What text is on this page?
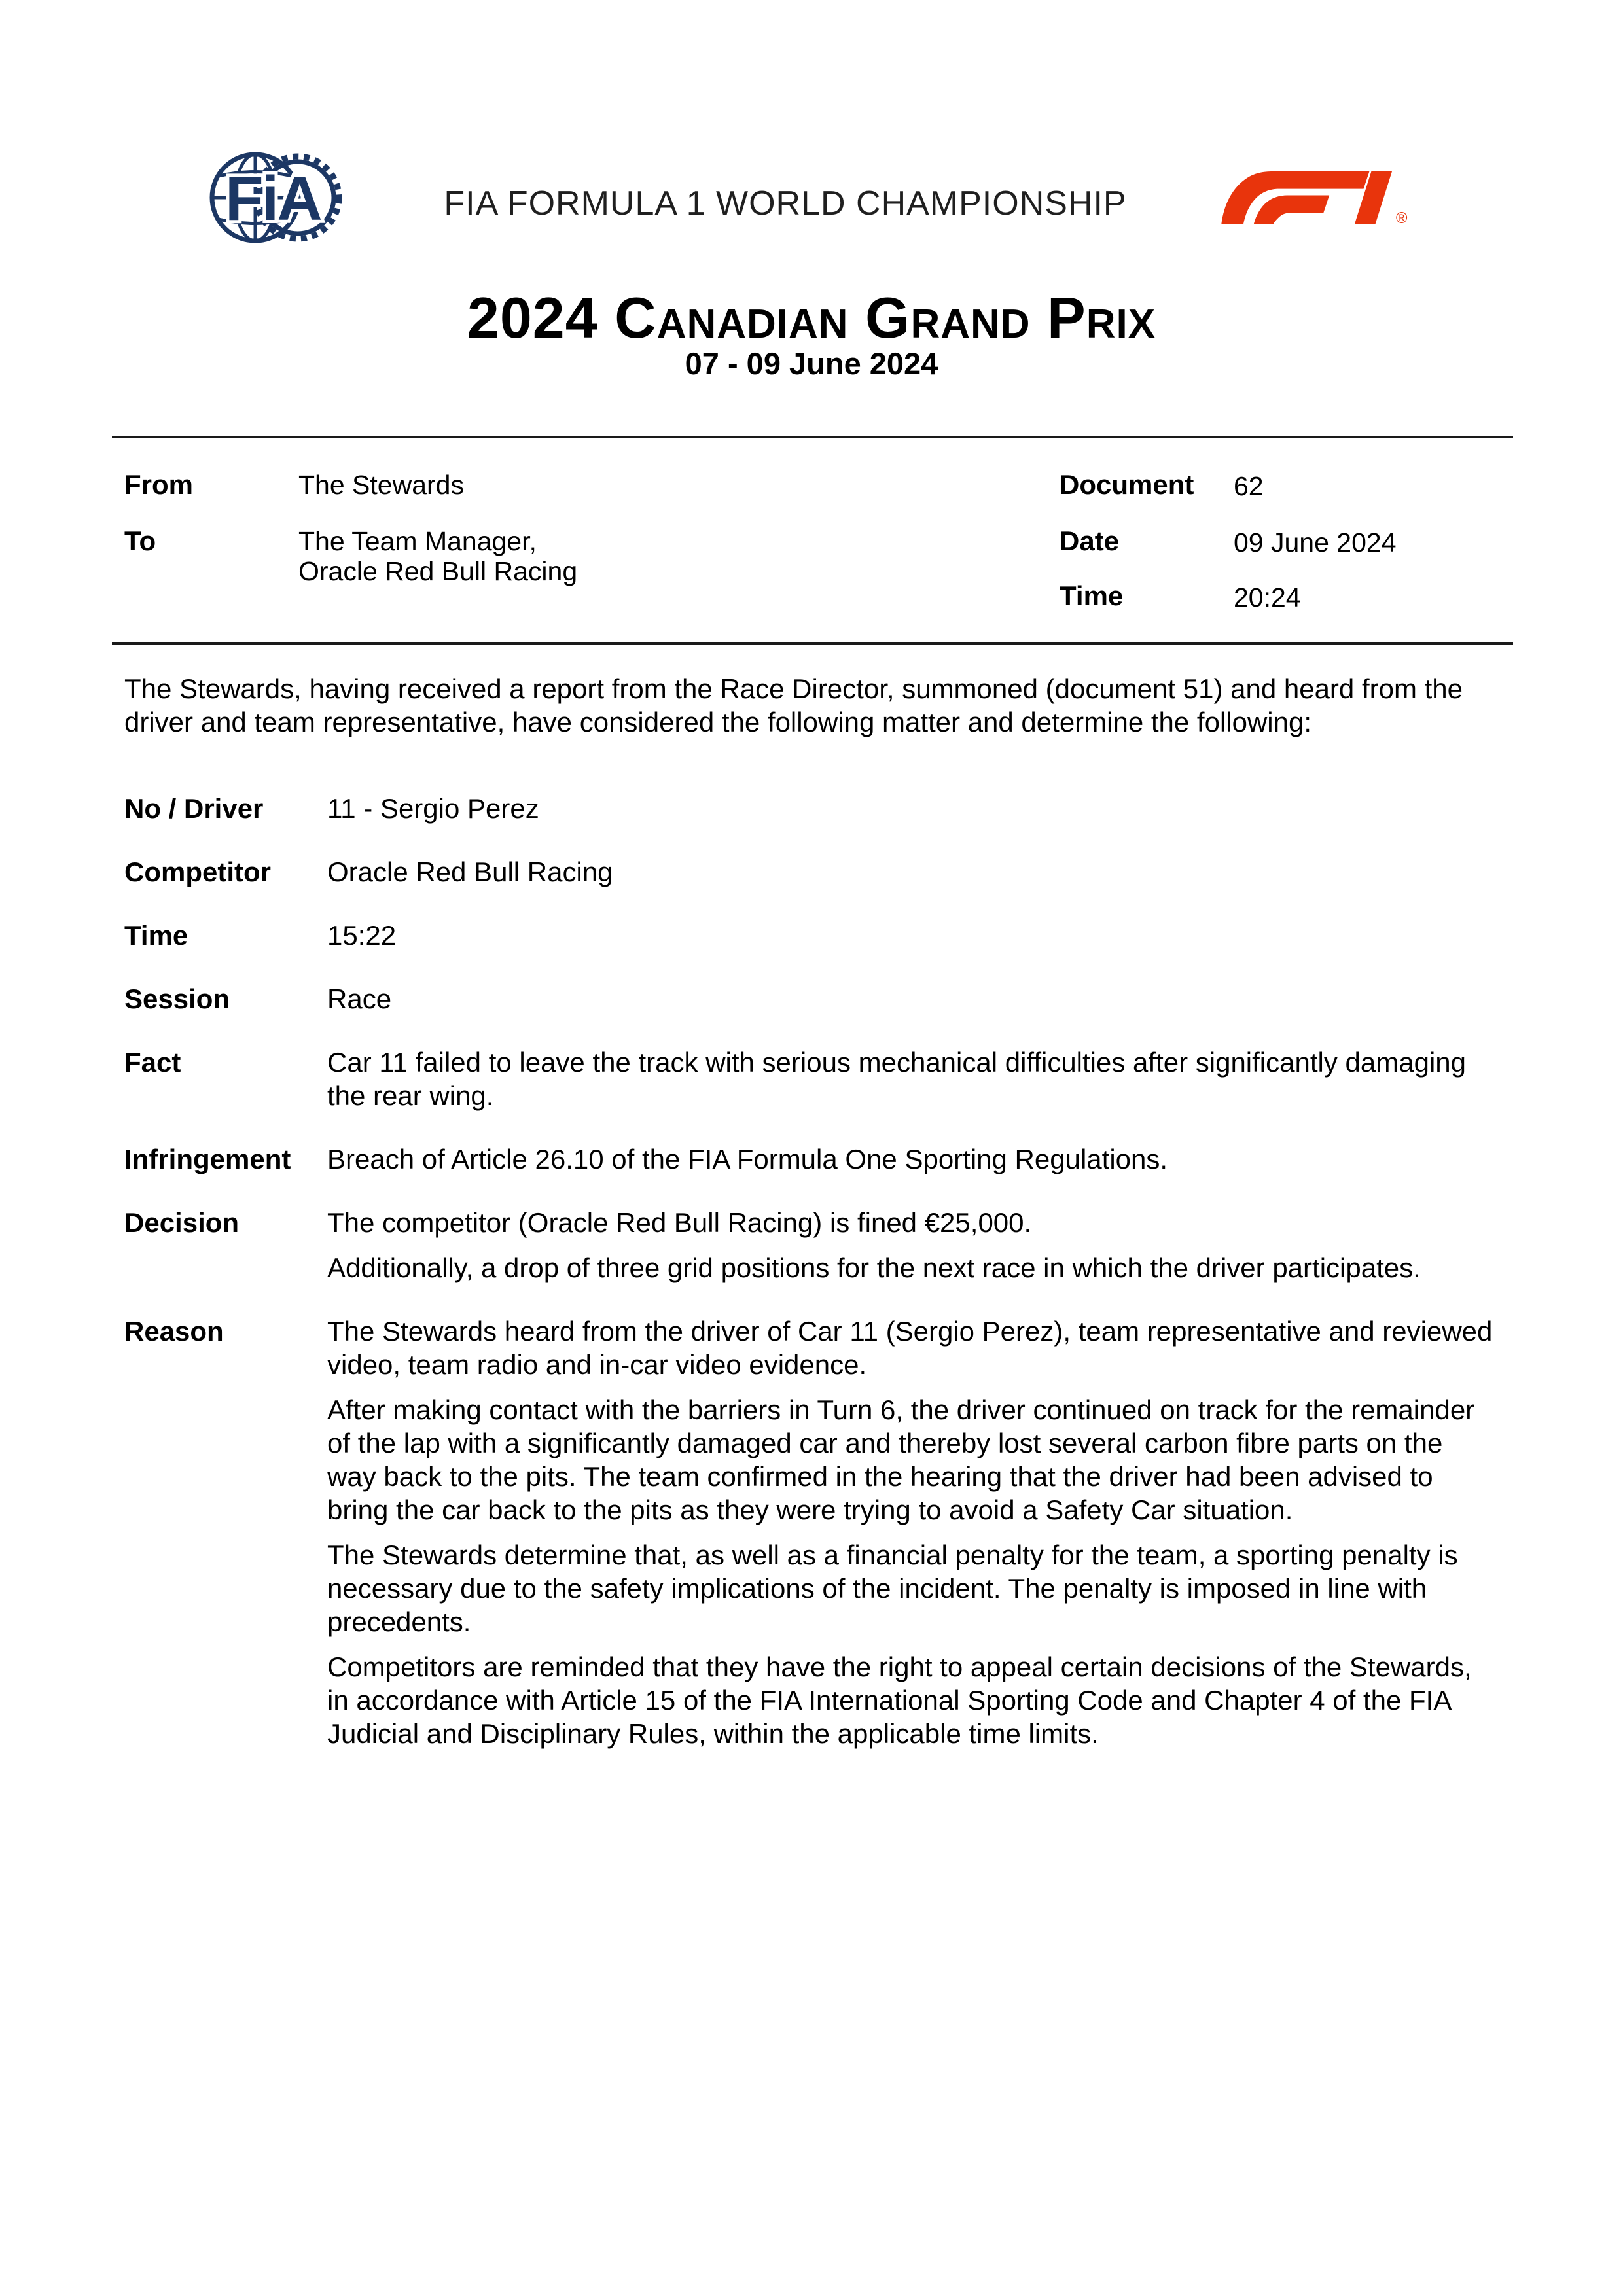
FiA	FIA FORMULA 1 WORLD CHAMPIONSHIP	®
2024 Canadian Grand Prix
07 - 09 June 2024
From	The Stewards
To	The Team Manager,
Oracle Red Bull Racing
Document 62
Date	09 June 2024
Time	20:24

The Stewards, having received a report from the Race Director, summoned (document 51) and heard from the driver and team representative, have considered the following matter and determine the following:

No / Driver	11 - Sergio Perez

Competitor	Oracle Red Bull Racing

Time	15:22

Session	Race

Fact	Car 11 failed to leave the track with serious mechanical difficulties after significantly damaging the rear wing.

Infringement	Breach of Article 26.10 of the FIA Formula One Sporting Regulations.

Decision	The competitor (Oracle Red Bull Racing) is fined €25,000.

Additionally, a drop of three grid positions for the next race in which the driver participates.

Reason	The Stewards heard from the driver of Car 11 (Sergio Perez), team representative and reviewed video, team radio and in-car video evidence.

After making contact with the barriers in Turn 6, the driver continued on track for the remainder of the lap with a significantly damaged car and thereby lost several carbon fibre parts on the way back to the pits. The team confirmed in the hearing that the driver had been advised to bring the car back to the pits as they were trying to avoid a Safety Car situation.

The Stewards determine that, as well as a financial penalty for the team, a sporting penalty is necessary due to the safety implications of the incident. The penalty is imposed in line with precedents.

Competitors are reminded that they have the right to appeal certain decisions of the Stewards, in accordance with Article 15 of the FIA International Sporting Code and Chapter 4 of the FIA Judicial and Disciplinary Rules, within the applicable time limits.
